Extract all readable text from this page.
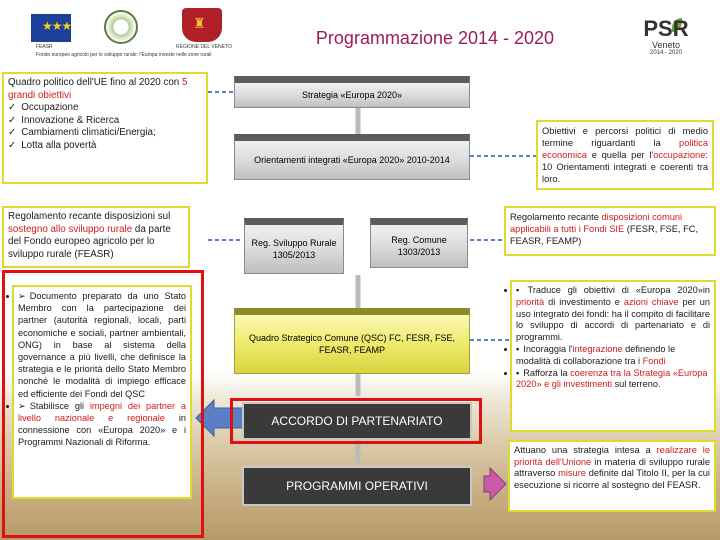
★★★
FEASR
♜
REGIONE DEL VENETO
Fondo europeo agricolo per lo sviluppo rurale: l'Europa investe nelle zone rurali
Programmazione 2014 - 2020	PSR
Veneto
2014 - 2020
Quadro politico dell'UE fino al 2020 con 5 grandi obiettivi
✓ Occupazione
✓ Innovazione & Ricerca
✓ Cambiamenti climatici/Energia;
✓ Lotta alla povertà
Regolamento recante disposizioni sul sostegno allo sviluppo rurale da parte del Fondo europeo agricolo per lo sviluppo rurale (FEASR)
➢ • Documento preparato da uno Stato Membro con la partecipazione dei partner (autorità regionali, locali, parti economiche e sociali, partner ambientali, ONG) in base al sistema della governance a più livelli, che definisce la strategia e le priorità dello Stato Membro nonché le modalità di impiego efficace ed efficiente dei Fondi del QSC
➢ • Stabilisce gli impegni dei partner a livello nazionale e regionale in connessione con «Europa 2020» e i Programmi Nazionali di Riforma.
Strategia «Europa 2020»
Orientamenti integrati «Europa 2020» 2010-2014
Reg. Sviluppo Rurale 1305/2013
Reg. Comune 1303/2013
Quadro Strategico Comune (QSC) FC, FESR, FSE, FEASR, FEAMP
ACCORDO DI PARTENARIATO
PROGRAMMI OPERATIVI
Obiettivi e percorsi politici di medio termine riguardanti la politica economica e quella per l'occupazione: 10 Orientamenti integrati e coerenti tra loro.
Regolamento recante disposizioni comuni applicabili a tutti i Fondi SIE (FESR, FSE, FC, FEASR, FEAMP)
▪ • Traduce gli obiettivi di «Europa 2020»in priorità di investimento e azioni chiave per un uso integrato dei fondi: ha il compito di facilitare lo sviluppo di accordi di partenariato e di programmi.
▪ • Incoraggia l'integrazione definendo le modalità di collaborazione tra i Fondi
▪ • Rafforza la coerenza tra la Strategia «Europa 2020» e gli investimenti sul terreno.
Attuano una strategia intesa a realizzare le priorità dell'Unione in materia di sviluppo rurale attraverso misure definite dal Titolo II, per la cui esecuzione si ricorre al sostegno del FEASR.
